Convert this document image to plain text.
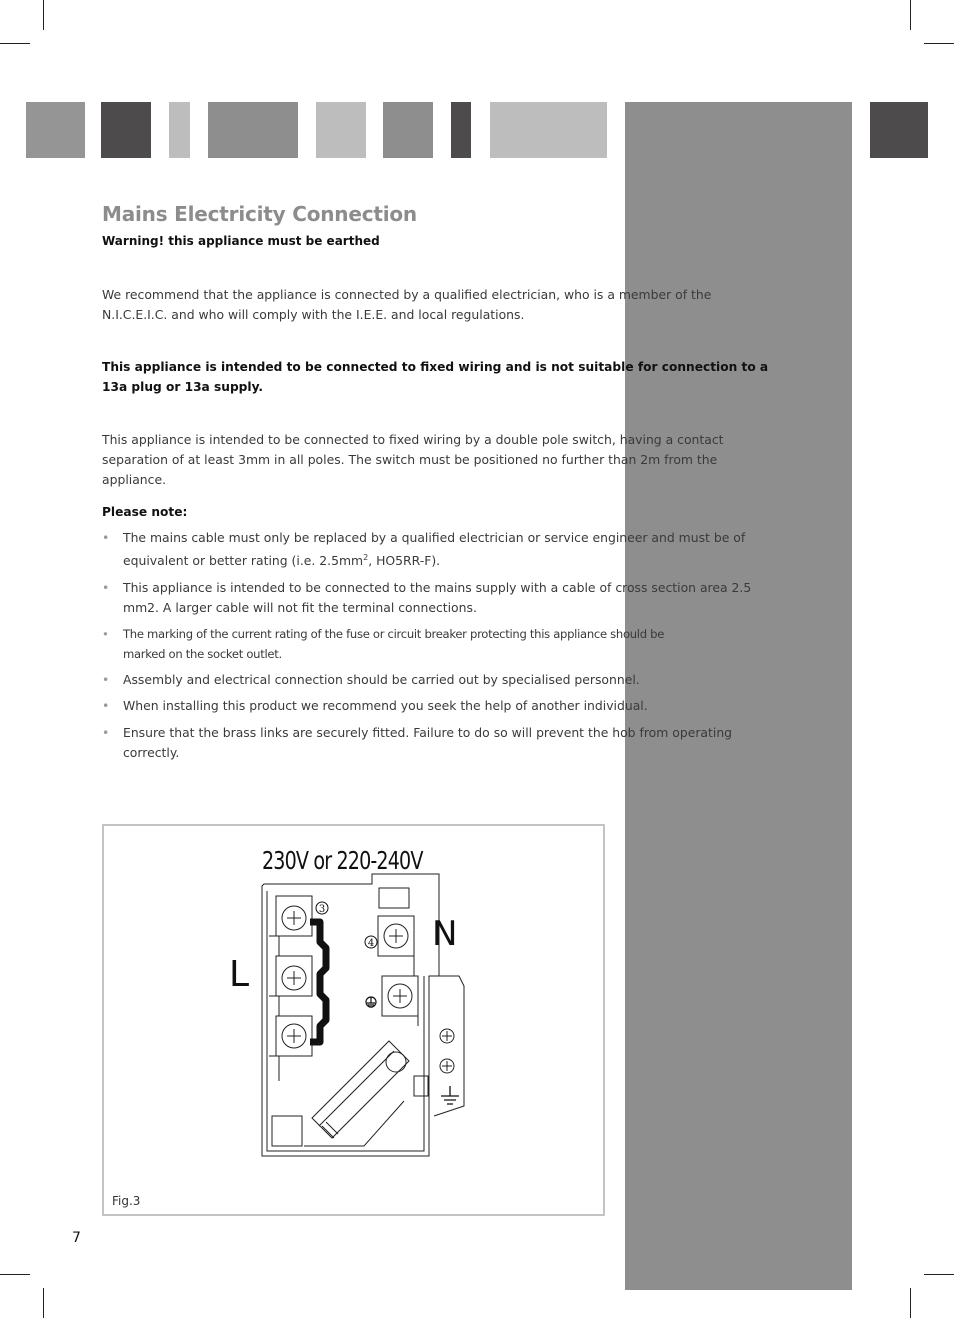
Mains Electricity Connection
Warning! this appliance must be earthed
We recommend that the appliance is connected by a qualified electrician, who is a member of the N.I.C.E.I.C. and who will comply with the I.E.E. and local regulations.
This appliance is intended to be connected to fixed wiring and is not suitable for connection to a 13a plug or 13a supply.
This appliance is intended to be connected to fixed wiring by a double pole switch, having a contact separation of at least 3mm in all poles. The switch must be positioned no further than 2m from the appliance.
Please note:
• The mains cable must only be replaced by a qualified electrician or service engineer and must be of equivalent or better rating (i.e. $2.5mm^2$, HO5RR-F).
• This appliance is intended to be connected to the mains supply with a cable of cross section area 2.5 mm2. A larger cable will not fit the terminal connections.
• The marking of the current rating of the fuse or circuit breaker protecting this appliance should be marked on the socket outlet.
• Assembly and electrical connection should be carried out by specialised personnel.
• When installing this product we recommend you seek the help of another individual.
• Ensure that the brass links are securely fitted. Failure to do so will prevent the hob from operating correctly.
3
4
230V or 220-240V
L
N
Fig.3
7
